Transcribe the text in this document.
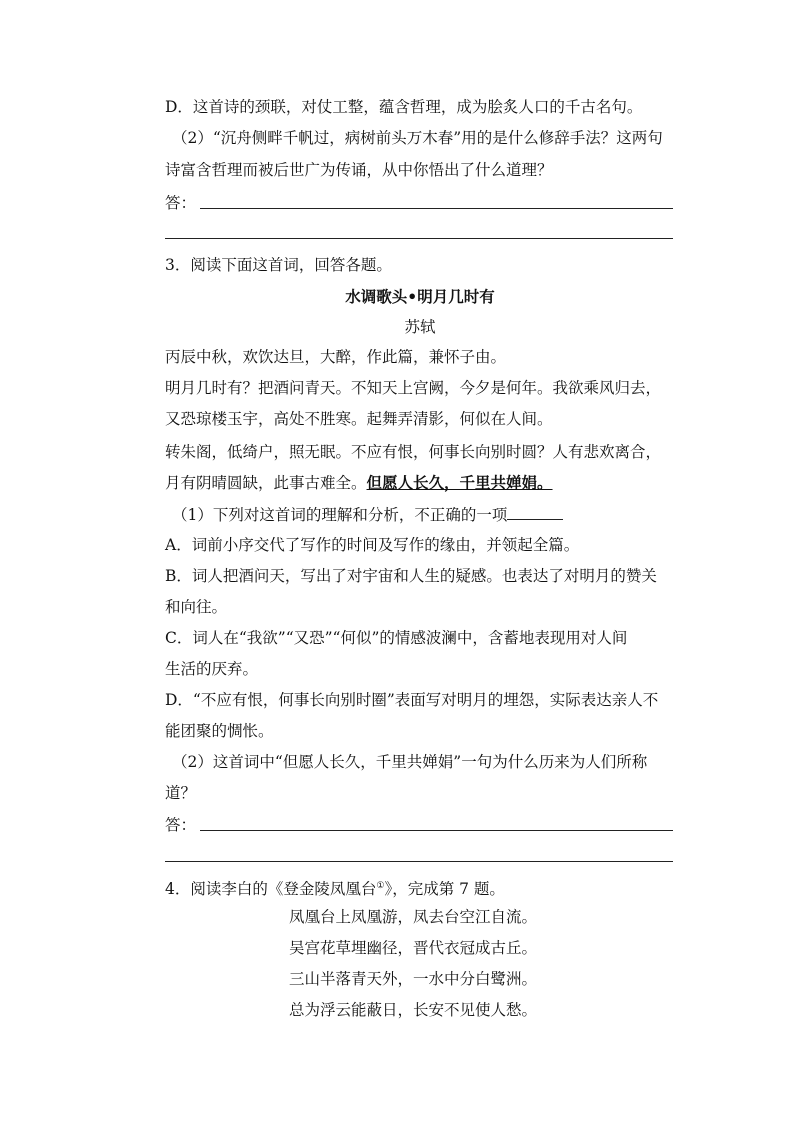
D．这首诗的颈联，对仗工整，蕴含哲理，成为脍炙人口的千古名句。
（2）“沉舟侧畔千帆过，病树前头万木春”用的是什么修辞手法？这两句
诗富含哲理而被后世广为传诵，从中你悟出了什么道理？
答：
3．阅读下面这首词，回答各题。
水调歌头•明月几时有
苏轼
丙辰中秋，欢饮达旦，大醉，作此篇，兼怀子由。
明月几时有？把酒问青天。不知天上宫阙，今夕是何年。我欲乘风归去，
又恐琼楼玉宇，高处不胜寒。起舞弄清影，何似在人间。
转朱阁，低绮户，照无眠。不应有恨，何事长向别时圆？人有悲欢离合，
月有阴晴圆缺，此事古难全。但愿人长久，千里共婵娟。
（1）下列对这首词的理解和分析，不正确的一项
A．词前小序交代了写作的时间及写作的缘由，并领起全篇。
B．词人把酒问天，写出了对宇宙和人生的疑感。也表达了对明月的赞关
和向往。
C．词人在“我欲”“又恐”“何似”的情感波澜中，含蓄地表现用对人间
生活的厌弃。
D．“不应有恨，何事长向别时圈”表面写对明月的埋怨，实际表达亲人不
能团聚的惆怅。
（2）这首词中“但愿人长久，千里共婵娟”一句为什么历来为人们所称
道？
答：
4．阅读李白的《登金陵凤凰台①》，完成第 7 题。
凤凰台上凤凰游，凤去台空江自流。
吴宫花草埋幽径，晋代衣冠成古丘。
三山半落青天外，一水中分白鹭洲。
总为浮云能蔽日，长安不见使人愁。
